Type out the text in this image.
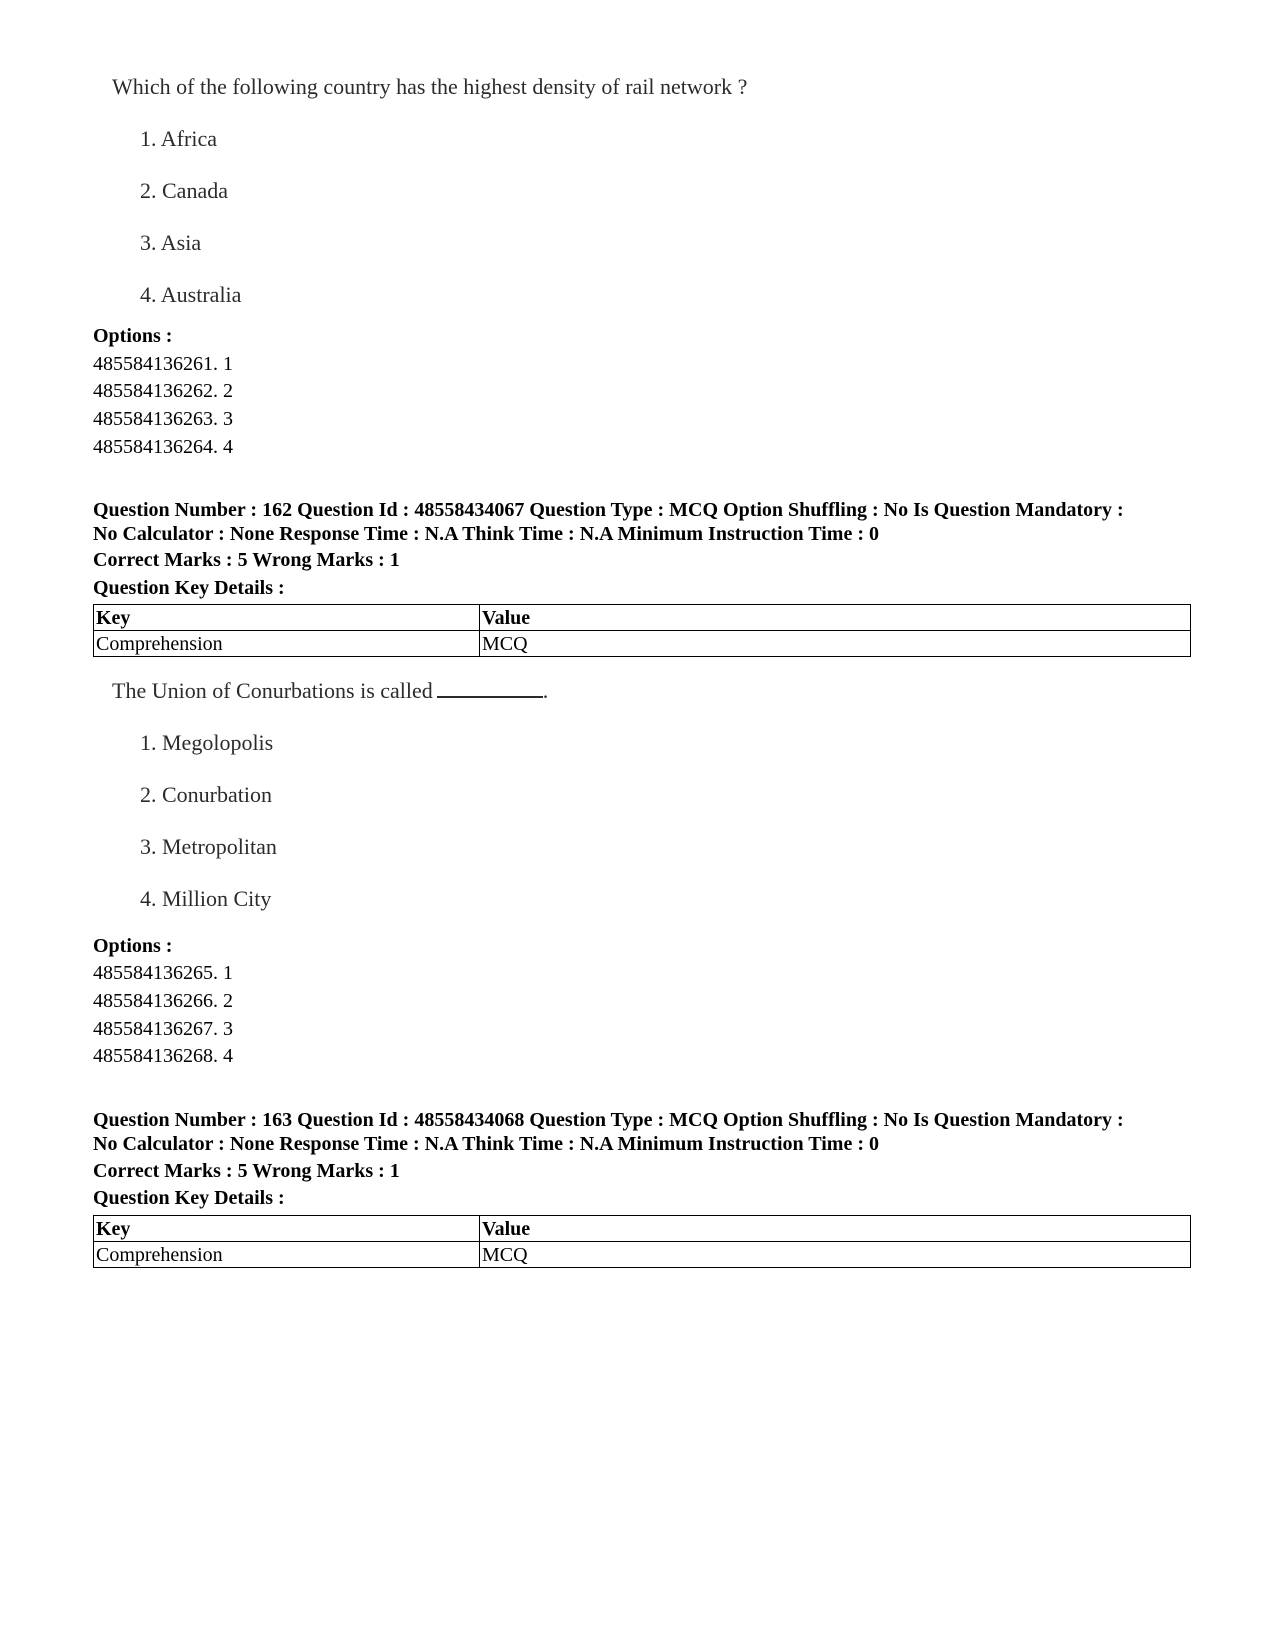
Which of the following country has the highest density of rail network ?
1. Africa
2. Canada
3. Asia
4. Australia
Options :
485584136261. 1
485584136262. 2
485584136263. 3
485584136264. 4
Question Number : 162 Question Id : 48558434067 Question Type : MCQ Option Shuffling : No Is Question Mandatory :
No Calculator : None Response Time : N.A Think Time : N.A Minimum Instruction Time : 0
Correct Marks : 5 Wrong Marks : 1
Question Key Details :
Key	Value
Comprehension	MCQ
The Union of Conurbations is called	.
1. Megolopolis
2. Conurbation
3. Metropolitan
4. Million City
Options :
485584136265. 1
485584136266. 2
485584136267. 3
485584136268. 4
Question Number : 163 Question Id : 48558434068 Question Type : MCQ Option Shuffling : No Is Question Mandatory :
No Calculator : None Response Time : N.A Think Time : N.A Minimum Instruction Time : 0
Correct Marks : 5 Wrong Marks : 1
Question Key Details :
Key	Value
Comprehension	MCQ
